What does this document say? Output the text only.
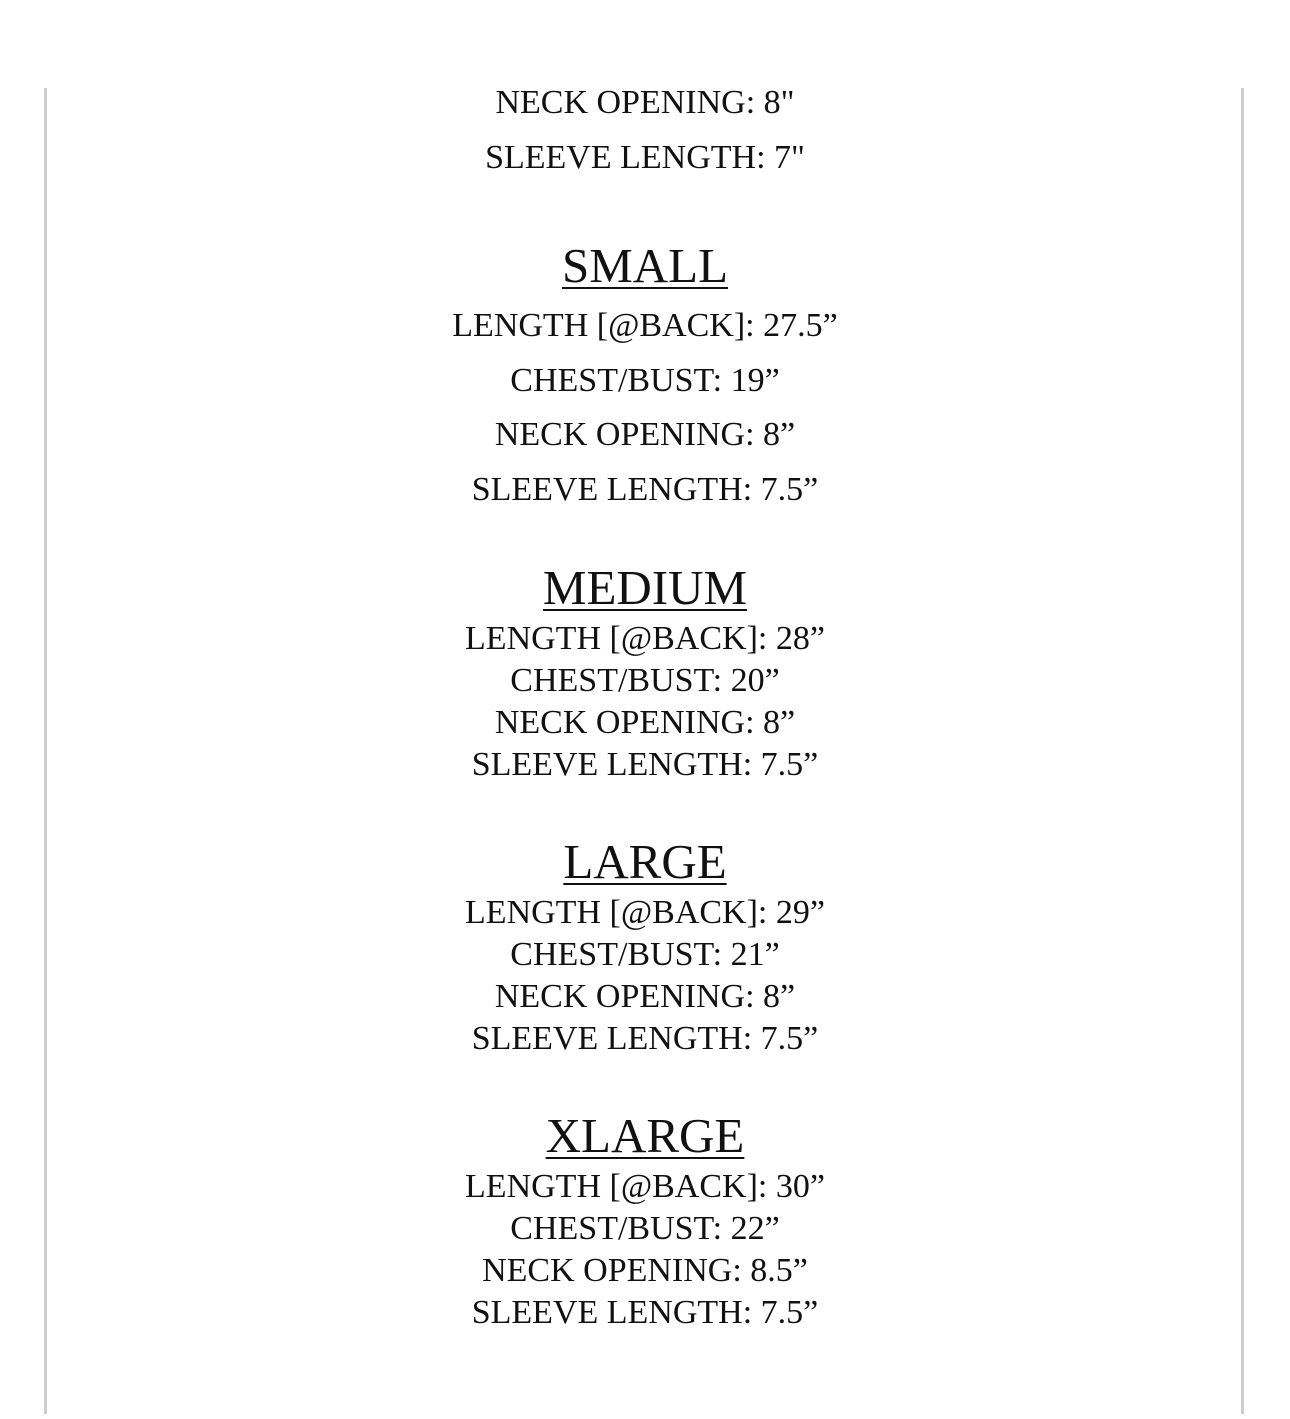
NECK OPENING: 8"
SLEEVE LENGTH: 7"
SMALL
LENGTH [@BACK]: 27.5”
CHEST/BUST: 19”
NECK OPENING: 8”
SLEEVE LENGTH: 7.5”
MEDIUM
LENGTH [@BACK]: 28”
CHEST/BUST: 20”
NECK OPENING: 8”
SLEEVE LENGTH: 7.5”
LARGE
LENGTH [@BACK]: 29”
CHEST/BUST: 21”
NECK OPENING: 8”
SLEEVE LENGTH: 7.5”
XLARGE
LENGTH [@BACK]: 30”
CHEST/BUST: 22”
NECK OPENING: 8.5”
SLEEVE LENGTH: 7.5”
